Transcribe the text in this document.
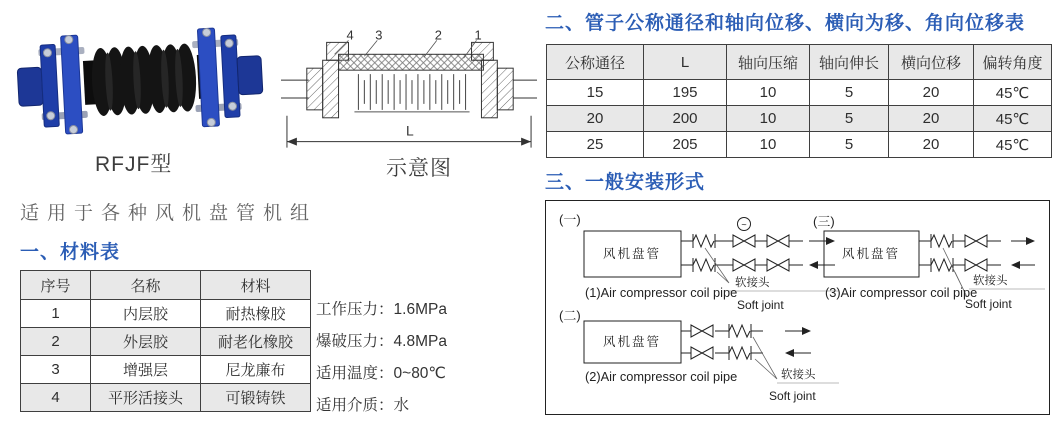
RFJF型
4 3	2	1
L
示意图
适用于各种风机盘管机组
一、材料表
序号	名称	材料
1	内层胶	耐热橡胶
2	外层胶	耐老化橡胶
3	增强层	尼龙廉布
4	平形活接头	可锻铸铁
工作压力：1.6MPa
爆破压力：4.8MPa
适用温度：0~80℃
适用介质：水
二、管子公称通径和轴向位移、横向为移、角向位移表
公称通径	L	轴向压缩	轴向伸长	横向位移	偏转角度
15	195	10	5	20	45℃
20	200	10	5	20	45℃
25	205	10	5	20	45℃
三、一般安装形式
(一)	(三)
(二)
~
风机盘管
软接头
Soft joint
(1)Air compressor coil pipe
风机盘管
软接头
Soft joint
(3)Air compressor coil pipe
风机盘管
软接头
Soft joint
(2)Air compressor coil pipe
